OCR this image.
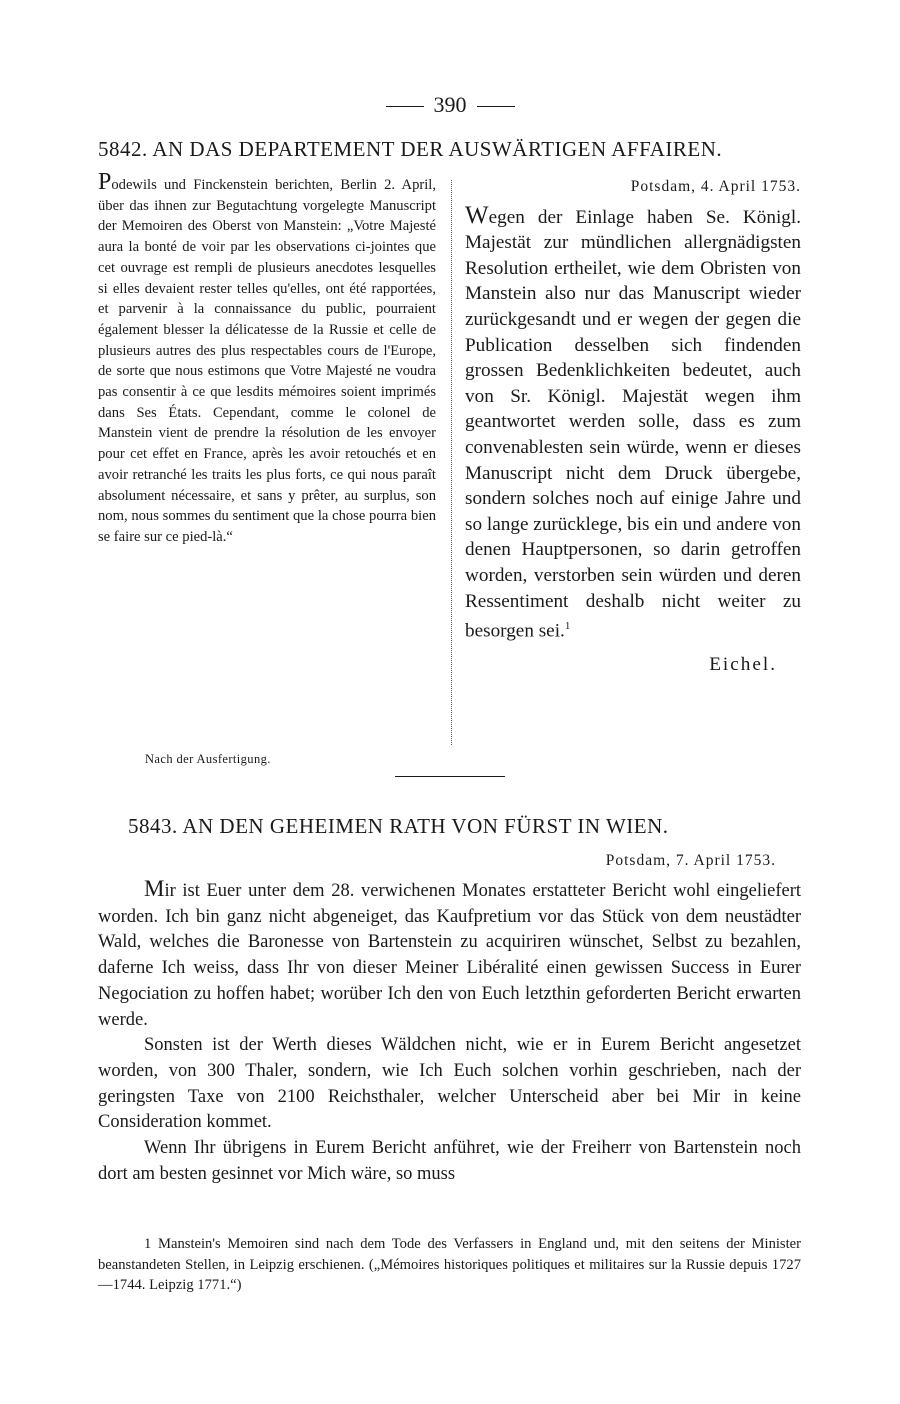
390
5842. AN DAS DEPARTEMENT DER AUSWÄRTIGEN AFFAIREN.
Podewils und Finckenstein berichten, Berlin 2. April, über das ihnen zur Begutachtung vorgelegte Manuscript der Memoiren des Oberst von Manstein: „Votre Majesté aura la bonté de voir par les observations ci-jointes que cet ouvrage est rempli de plusieurs anecdotes lesquelles si elles devaient rester telles qu'elles, ont été rapportées, et parvenir à la connaissance du public, pourraient également blesser la délicatesse de la Russie et celle de plusieurs autres des plus respectables cours de l'Europe, de sorte que nous estimons que Votre Majesté ne voudra pas consentir à ce que lesdits mémoires soient imprimés dans Ses États. Cependant, comme le colonel de Manstein vient de prendre la résolution de les envoyer pour cet effet en France, après les avoir retouchés et en avoir retranché les traits les plus forts, ce qui nous paraît absolument nécessaire, et sans y prêter, au surplus, son nom, nous sommes du sentiment que la chose pourra bien se faire sur ce pied-là.“
Potsdam, 4. April 1753.
Wegen der Einlage haben Se. Königl. Majestät zur mündlichen allergnädigsten Resolution ertheilet, wie dem Obristen von Manstein also nur das Manuscript wieder zurückgesandt und er wegen der gegen die Publication desselben sich findenden grossen Bedenklichkeiten bedeutet, auch von Sr. Königl. Majestät wegen ihm geantwortet werden solle, dass es zum convenablesten sein würde, wenn er dieses Manuscript nicht dem Druck übergebe, sondern solches noch auf einige Jahre und so lange zurücklege, bis ein und andere von denen Hauptpersonen, so darin getroffen worden, verstorben sein würden und deren Ressentiment deshalb nicht weiter zu besorgen sei.$^1$
Eichel.
Nach der Ausfertigung.
5843. AN DEN GEHEIMEN RATH VON FÜRST IN WIEN.
Potsdam, 7. April 1753.

Mir ist Euer unter dem 28. verwichenen Monates erstatteter Bericht wohl eingeliefert worden. Ich bin ganz nicht abgeneiget, das Kaufpretium vor das Stück von dem neustädter Wald, welches die Baronesse von Bartenstein zu acquiriren wünschet, Selbst zu bezahlen, daferne Ich weiss, dass Ihr von dieser Meiner Libéralité einen gewissen Success in Eurer Negociation zu hoffen habet; worüber Ich den von Euch letzthin geforderten Bericht erwarten werde.

Sonsten ist der Werth dieses Wäldchen nicht, wie er in Eurem Bericht angesetzet worden, von 300 Thaler, sondern, wie Ich Euch solchen vorhin geschrieben, nach der geringsten Taxe von 2100 Reichsthaler, welcher Unterscheid aber bei Mir in keine Consideration kommet.

Wenn Ihr übrigens in Eurem Bericht anführet, wie der Freiherr von Bartenstein noch dort am besten gesinnet vor Mich wäre, so muss

1 Manstein's Memoiren sind nach dem Tode des Verfassers in England und, mit den seitens der Minister beanstandeten Stellen, in Leipzig erschienen. („Mémoires historiques politiques et militaires sur la Russie depuis 1727—1744. Leipzig 1771.“)
